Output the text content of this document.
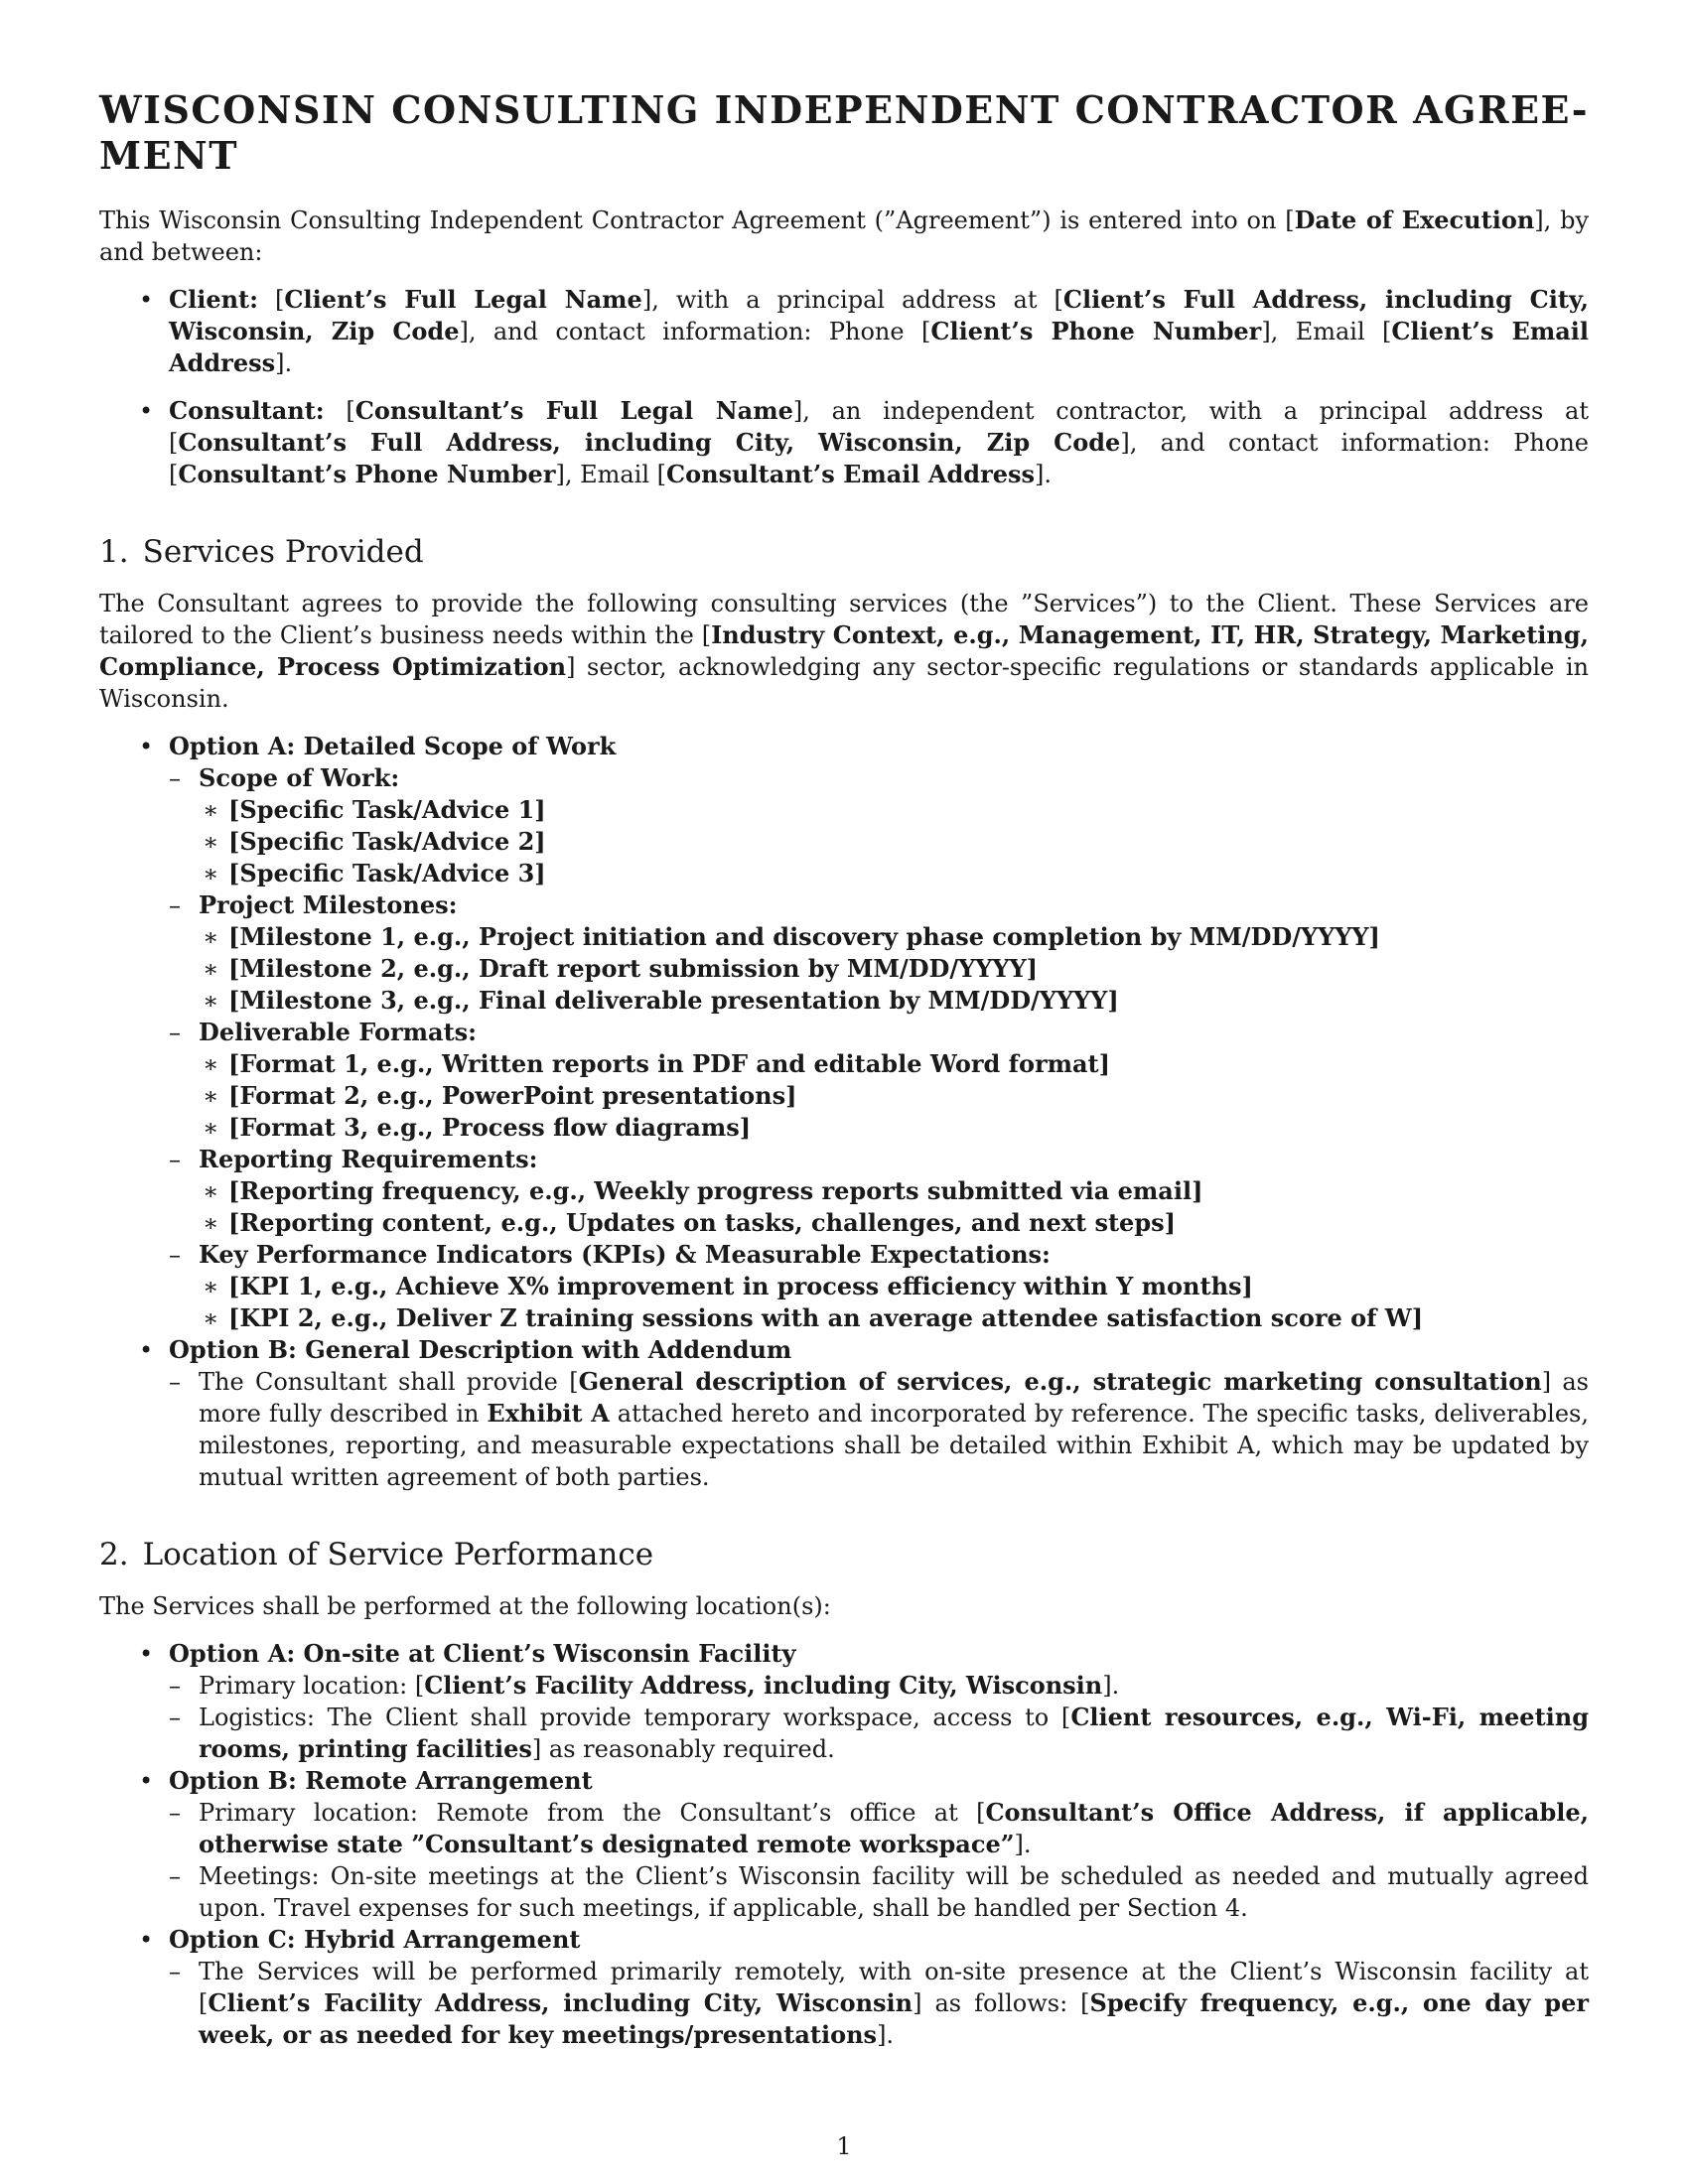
WISCONSIN CONSULTING INDEPENDENT CONTRACTOR AGREE-MENT

This Wisconsin Consulting Independent Contractor Agreement (”Agreement”) is entered into on [Date of Execution], by and between:

• Client: [Client’s Full Legal Name], with a principal address at [Client’s Full Address, including City, Wisconsin, Zip Code], and contact information: Phone [Client’s Phone Number], Email [Client’s Email Address].
• Consultant: [Consultant’s Full Legal Name], an independent contractor, with a principal address at [Consultant’s Full Address, including City, Wisconsin, Zip Code], and contact information: Phone [Consultant’s Phone Number], Email [Consultant’s Email Address].
1. Services Provided

The Consultant agrees to provide the following consulting services (the ”Services”) to the Client. These Services are tailored to the Client’s business needs within the [Industry Context, e.g., Management, IT, HR, Strategy, Marketing, Compliance, Process Optimization] sector, acknowledging any sector-specific regulations or standards applicable in Wisconsin.

• Option A: Detailed Scope of Work
– Scope of Work:
∗ [Specific Task/Advice 1]
∗ [Specific Task/Advice 2]
∗ [Specific Task/Advice 3]
– Project Milestones:
∗ [Milestone 1, e.g., Project initiation and discovery phase completion by MM/DD/YYYY]
∗ [Milestone 2, e.g., Draft report submission by MM/DD/YYYY]
∗ [Milestone 3, e.g., Final deliverable presentation by MM/DD/YYYY]
– Deliverable Formats:
∗ [Format 1, e.g., Written reports in PDF and editable Word format]
∗ [Format 2, e.g., PowerPoint presentations]
∗ [Format 3, e.g., Process flow diagrams]
– Reporting Requirements:
∗ [Reporting frequency, e.g., Weekly progress reports submitted via email]
∗ [Reporting content, e.g., Updates on tasks, challenges, and next steps]
– Key Performance Indicators (KPIs) & Measurable Expectations:
∗ [KPI 1, e.g., Achieve X% improvement in process efficiency within Y months]
∗ [KPI 2, e.g., Deliver Z training sessions with an average attendee satisfaction score of W]
• Option B: General Description with Addendum
– The Consultant shall provide [General description of services, e.g., strategic marketing consultation] as more fully described in Exhibit A attached hereto and incorporated by reference. The specific tasks, deliverables, milestones, reporting, and measurable expectations shall be detailed within Exhibit A, which may be updated by mutual written agreement of both parties.
2. Location of Service Performance

The Services shall be performed at the following location(s):

• Option A: On-site at Client’s Wisconsin Facility
– Primary location: [Client’s Facility Address, including City, Wisconsin].
– Logistics: The Client shall provide temporary workspace, access to [Client resources, e.g., Wi-Fi, meeting rooms, printing facilities] as reasonably required.
• Option B: Remote Arrangement
– Primary location: Remote from the Consultant’s office at [Consultant’s Office Address, if applicable, otherwise state ”Consultant’s designated remote workspace”].
– Meetings: On-site meetings at the Client’s Wisconsin facility will be scheduled as needed and mutually agreed upon. Travel expenses for such meetings, if applicable, shall be handled per Section 4.
• Option C: Hybrid Arrangement
– The Services will be performed primarily remotely, with on-site presence at the Client’s Wisconsin facility at [Client’s Facility Address, including City, Wisconsin] as follows: [Specify frequency, e.g., one day per week, or as needed for key meetings/presentations].
1
